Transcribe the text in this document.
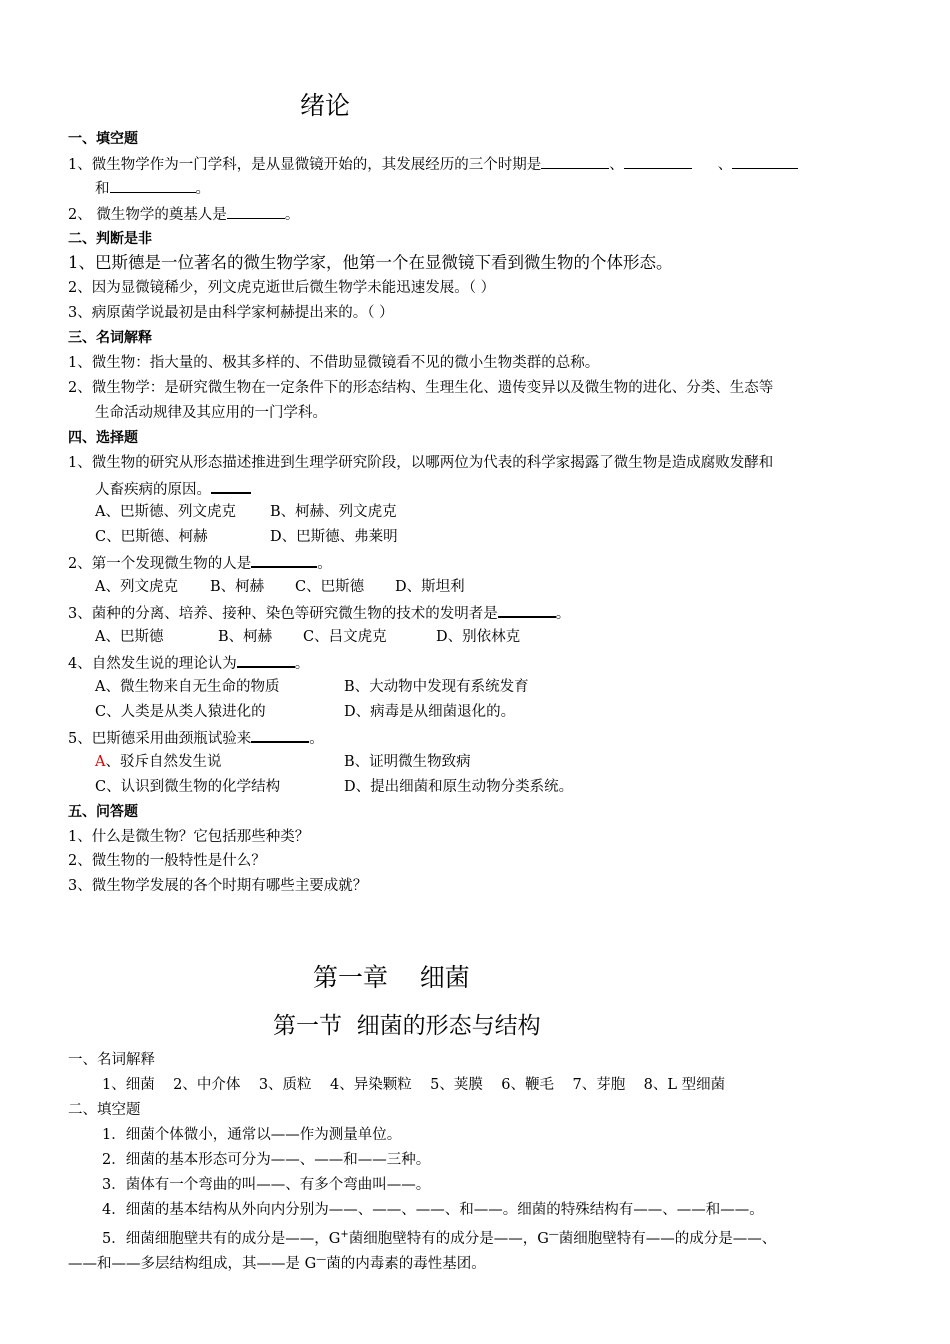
绪论
一、填空题
1、微生物学作为一门学科，是从显微镜开始的，其发展经历的三个时期是	、	、
和	。
2、 微生物学的奠基人是	。
二、判断是非
1、巴斯德是一位著名的微生物学家，他第一个在显微镜下看到微生物的个体形态。
2、因为显微镜稀少，列文虎克逝世后微生物学未能迅速发展。（ ）
3、病原菌学说最初是由科学家柯赫提出来的。（ ）
三、名词解释
1、微生物：指大量的、极其多样的、不借助显微镜看不见的微小生物类群的总称。
2、微生物学：是研究微生物在一定条件下的形态结构、生理生化、遗传变异以及微生物的进化、分类、生态等
生命活动规律及其应用的一门学科。
四、选择题
1、微生物的研究从形态描述推进到生理学研究阶段，以哪两位为代表的科学家揭露了微生物是造成腐败发酵和
人畜疾病的原因。
A、巴斯德、列文虎克 B、柯赫、列文虎克
C、巴斯德、柯赫	D、巴斯德、弗莱明
2、第一个发现微生物的人是	。
A、列文虎克 B、柯赫 C、巴斯德 D、斯坦利
3、菌种的分离、培养、接种、染色等研究微生物的技术的发明者是	。
A、巴斯德	B、柯赫 C、吕文虎克	D、别依林克
4、自然发生说的理论认为	。
A、微生物来自无生命的物质	B、大动物中发现有系统发育
C、人类是从类人猿进化的	D、病毒是从细菌退化的。
5、巴斯德采用曲颈瓶试验来	。
A、驳斥自然发生说	B、证明微生物致病
C、认识到微生物的化学结构	D、提出细菌和原生动物分类系统。
五、问答题
1、什么是微生物？它包括那些种类？
2、微生物的一般特性是什么？
3、微生物学发展的各个时期有哪些主要成就？
第一章    细菌
第一节  细菌的形态与结构
一、名词解释
1、细菌    2、中介体    3、质粒    4、异染颗粒    5、荚膜    6、鞭毛    7、芽胞    8、L 型细菌
二、填空题
1．细菌个体微小，通常以——作为测量单位。
2．细菌的基本形态可分为——、——和——三种。
3．菌体有一个弯曲的叫——、有多个弯曲叫——。
4．细菌的基本结构从外向内分别为——、——、——、和——。细菌的特殊结构有——、——和——。
5．细菌细胞壁共有的成分是——，G+菌细胞壁特有的成分是——，G—菌细胞壁特有——的成分是——、
——和——多层结构组成，其——是 G—菌的内毒素的毒性基团。
